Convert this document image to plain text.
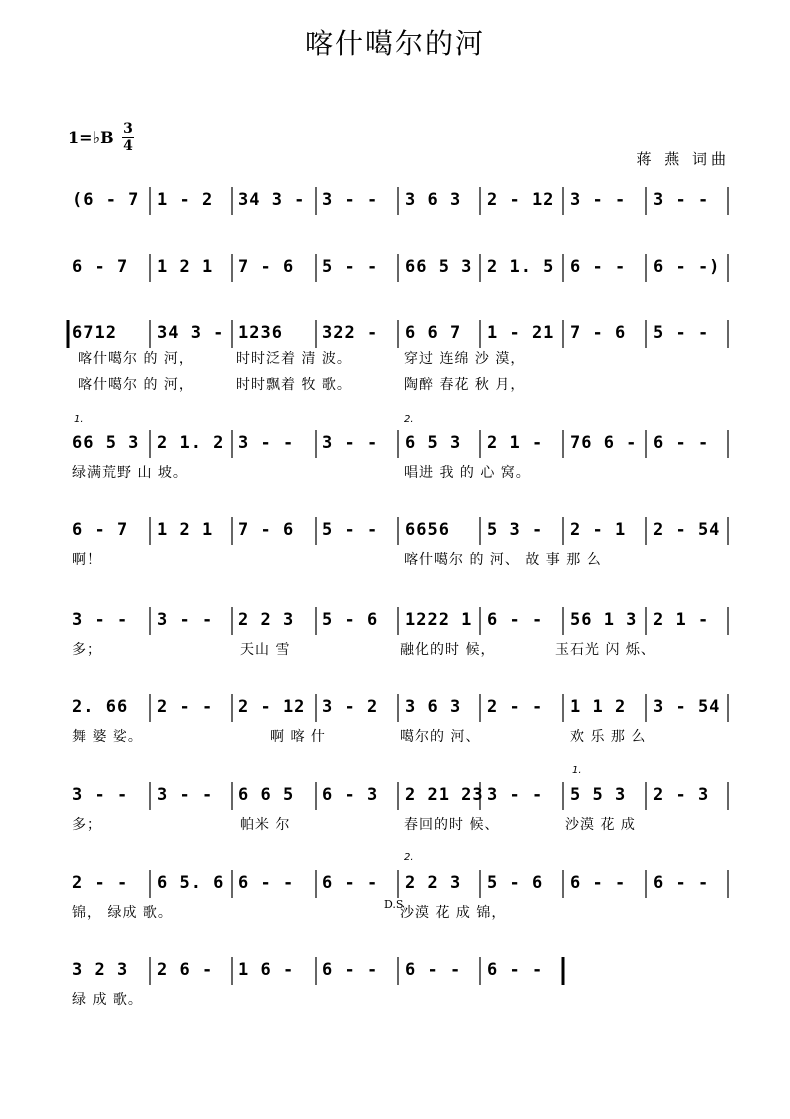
喀什噶尔的河
1=♭B 3
4
蒋 燕 词曲
(6 - 7 1 - 2 34 3 - 3 - - 3 6 3 2 - 12 3 - - 3 - -
6 - 7 1 2 1 7 - 6 5 - - 66 5 3 2 1. 5 6 - - 6 - -)
6712 34 3 - 1236 322 - 6 6 7 1 - 21 7 - 6 5 - -
喀什噶尔 的 河，	时时泛着 清 波。	穿过 连绵 沙 漠，
喀什噶尔 的 河，	时时飘着 牧 歌。	陶醉 春花 秋 月，
66 5 3 2 1. 2 3 - - 3 - - 6 5 3 2 1 - 76 6 - 6 - -
绿满荒野 山 坡。	唱进 我 的 心 窝。
6 - 7 1 2 1 7 - 6 5 - - 6656 5 3 - 2 - 1 2 - 54
啊！	喀什噶尔 的 河、 故 事 那 么
3 - - 3 - - 2 2 3 5 - 6 1222 1 6 - - 56 1 3 2 1 -
多；	天山 雪	融化的时 候，	玉石光 闪 烁、
2. 66 2 - - 2 - 12 3 - 2 3 6 3 2 - - 1 1 2 3 - 54
舞 婆 娑。	啊 喀 什	噶尔的 河、	欢 乐 那 么
3 - - 3 - - 6 6 5 6 - 3 2 21 23 3 - - 5 5 3 2 - 3
多；	帕米 尔	春回的时 候、	沙漠 花 成
2 - - 6 5. 6 6 - - 6 - - 2 2 3 5 - 6 6 - - 6 - -
锦， 绿成 歌。	沙漠 花 成 锦，
3 2 3 2 6 - 1 6 - 6 - - 6 - - 6 - -
绿 成 歌。
1.	2.
1.
2.
D.S
